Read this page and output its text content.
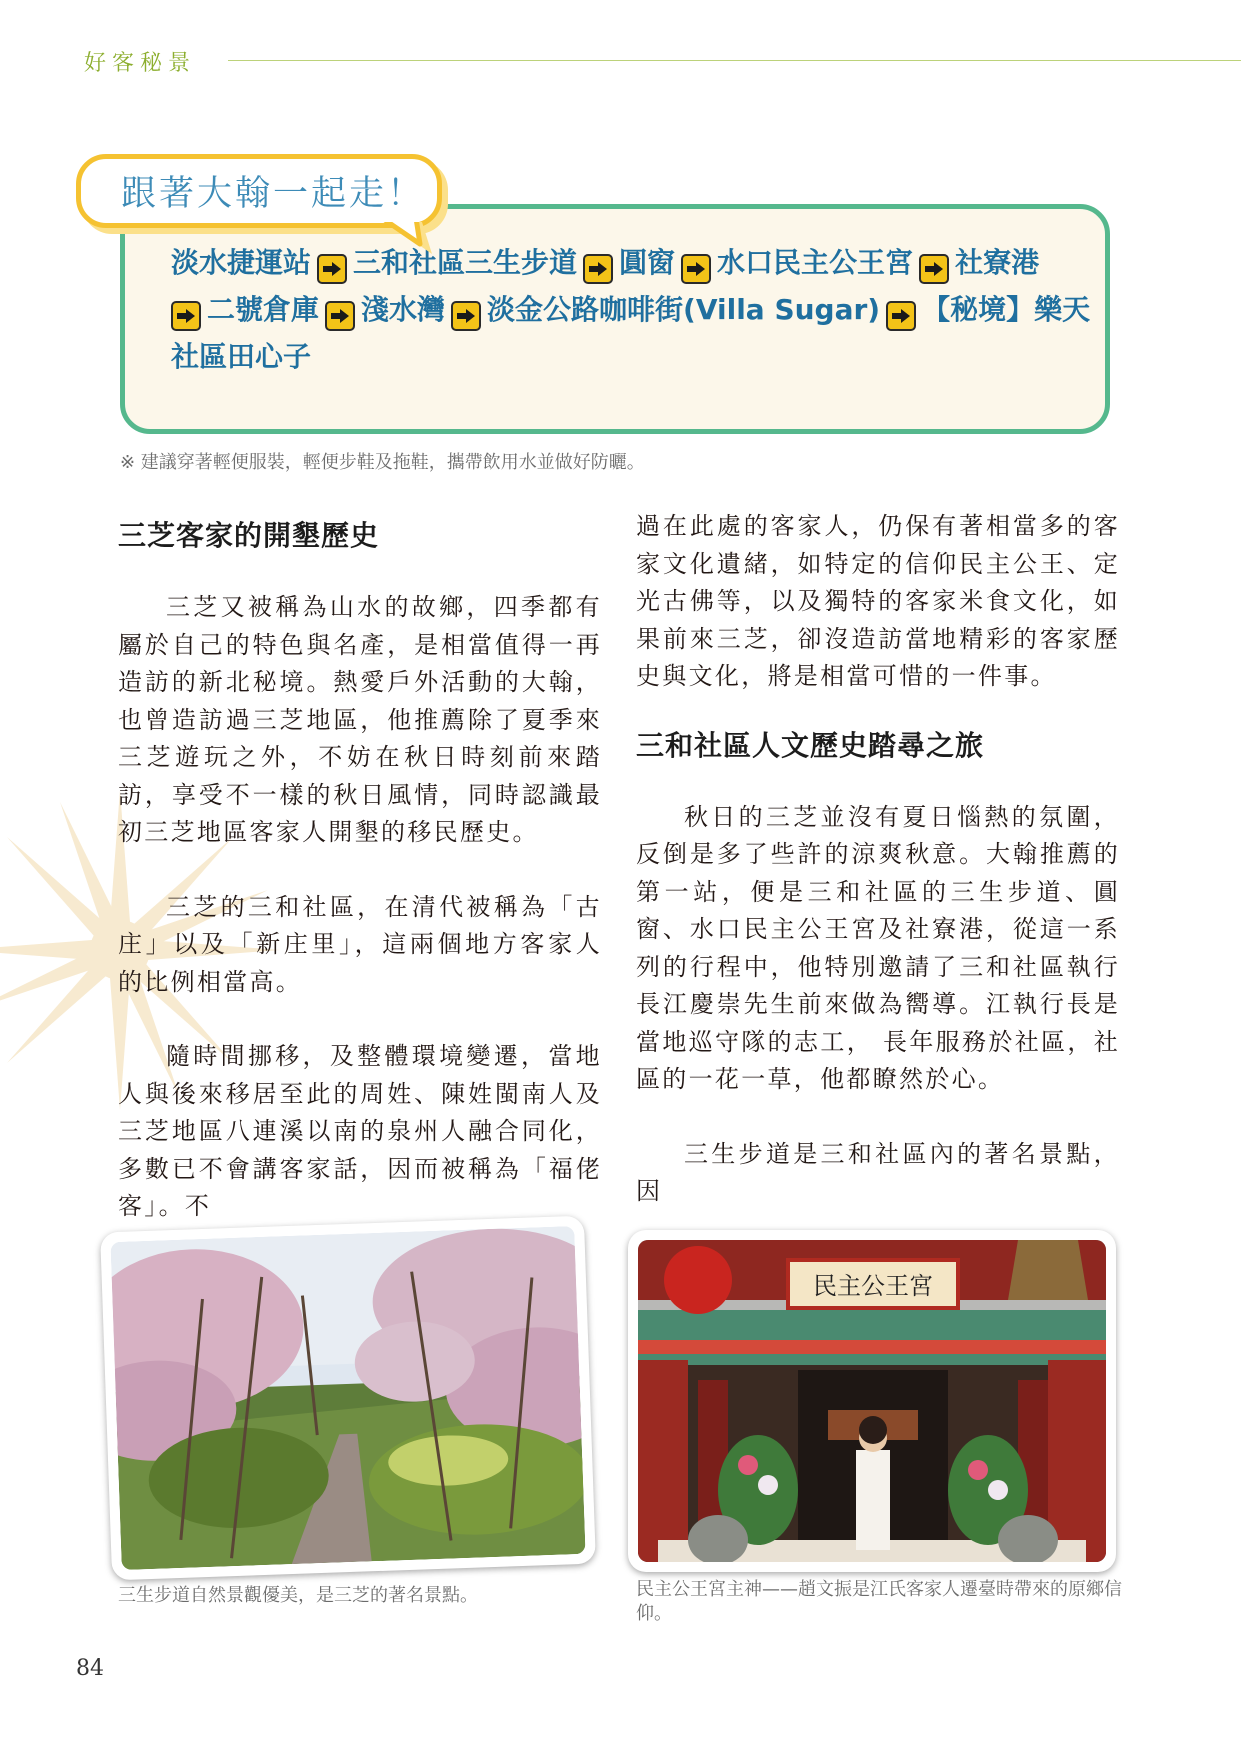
好客秘景
淡水捷運站 三和社區三生步道 圓窗 水口民主公王宮 社寮港

二號倉庫 淺水灣 淡金公路咖啡街(Villa Sugar) 【秘境】樂天社區田心子
跟著大翰一起走！
※ 建議穿著輕便服裝，輕便步鞋及拖鞋，攜帶飲用水並做好防曬。
三芝客家的開墾歷史

三芝又被稱為山水的故鄉，四季都有屬於自己的特色與名產，是相當值得一再造訪的新北秘境。熱愛戶外活動的大翰，也曾造訪過三芝地區，他推薦除了夏季來三芝遊玩之外，不妨在秋日時刻前來踏訪，享受不一樣的秋日風情，同時認識最初三芝地區客家人開墾的移民歷史。

三芝的三和社區，在清代被稱為「古庄」以及「新庄里」，這兩個地方客家人的比例相當高。

隨時間挪移，及整體環境變遷，當地人與後來移居至此的周姓、陳姓閩南人及三芝地區八連溪以南的泉州人融合同化，多數已不會講客家話，因而被稱為「福佬客」。不

過在此處的客家人，仍保有著相當多的客家文化遺緒，如特定的信仰民主公王、定光古佛等，以及獨特的客家米食文化，如果前來三芝，卻沒造訪當地精彩的客家歷史與文化，將是相當可惜的一件事。

三和社區人文歷史踏尋之旅

秋日的三芝並沒有夏日惱熱的氛圍，反倒是多了些許的涼爽秋意。大翰推薦的第一站，便是三和社區的三生步道、圓窗、水口民主公王宮及社寮港，從這一系列的行程中，他特別邀請了三和社區執行長江慶崇先生前來做為嚮導。江執行長是當地巡守隊的志工， 長年服務於社區，社區的一花一草，他都瞭然於心。

三生步道是三和社區內的著名景點，因

三生步道自然景觀優美，是三芝的著名景點。
民主公王宮
民主公王宮主神——趙文振是江氏客家人遷臺時帶來的原鄉信仰。
84
